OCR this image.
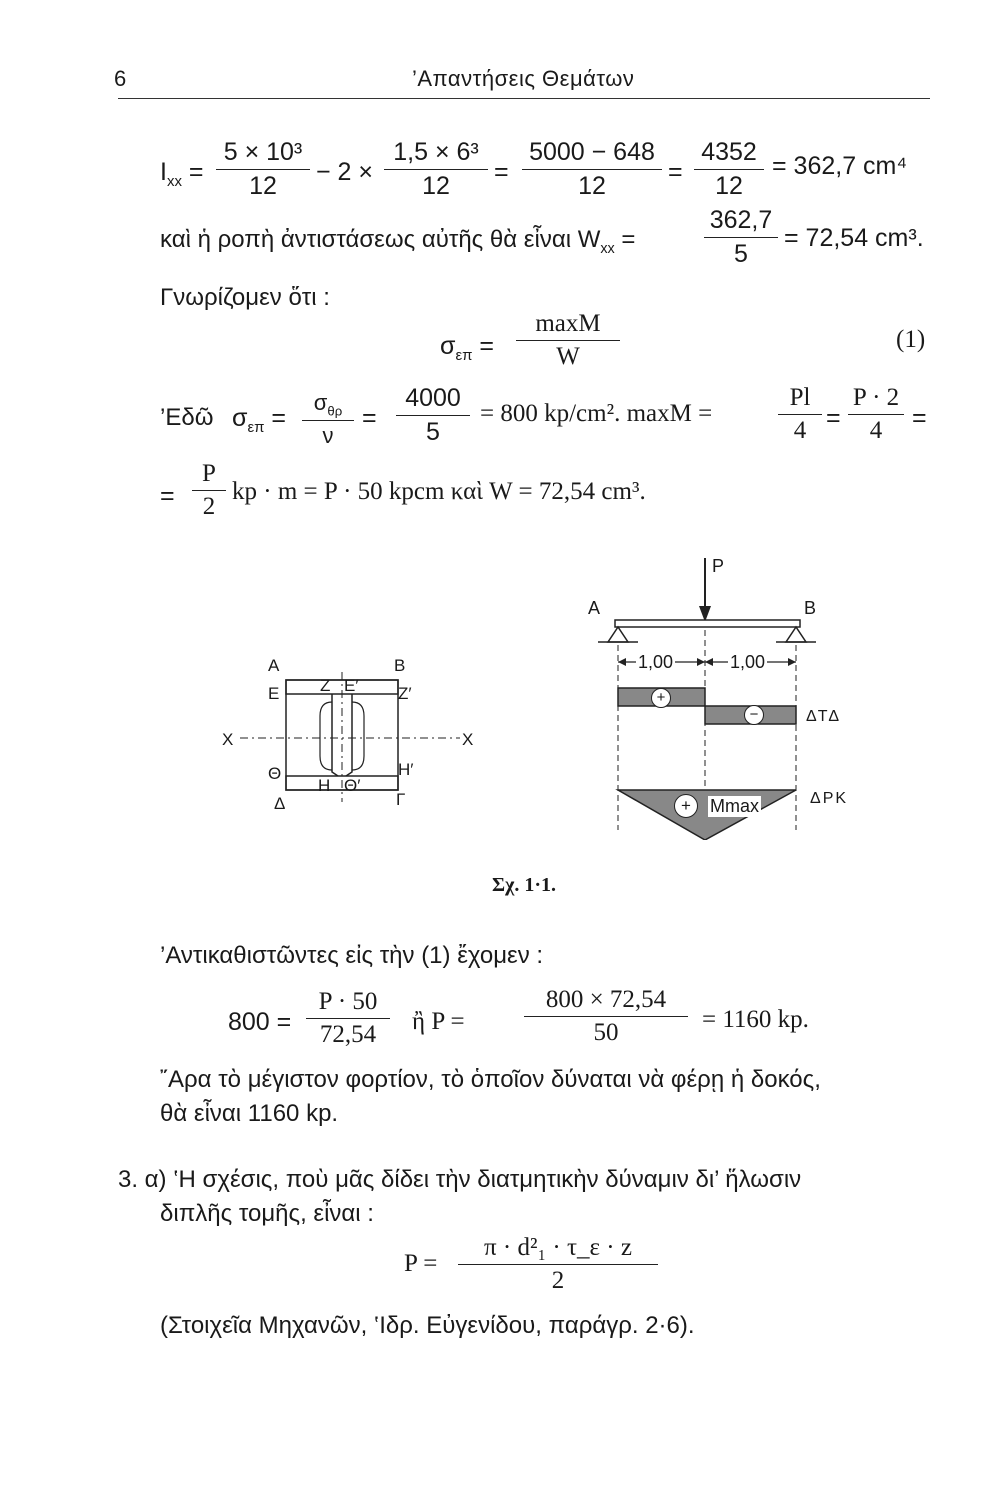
6	’Απαντήσεις Θεμάτων
$I_{xx} = \frac{\text{5 × 10³}}{12} - 2 \times \frac{\text{1,5 × 6³}}{12} = \frac{5000 - 648}{12} = \frac{4352}{12} = 362,7$ cm⁴
καὶ ἡ ροπὴ ἀντιστάσεως αὐτῆς θὰ εἶναι $W_{xx}$ =	$\frac{362,7}{5} = 72,54$ cm³.
Γνωρίζομεν ὅτι :
$\sigma_{\varepsilon\pi}$ =
maxM
W
(1)
’Εδῶ $\sigma_{\varepsilon\pi}$ =
$\sigma_{\theta\rho}$
ν
= $\frac{4000}{5} = 800$ kp/cm². maxM =	$\frac{Pl}{4} = \frac{P \cdot 2}{4}$ =
= $\frac{P}{2}$ kp · m = P · 50 kpcm καὶ W = 72,54 cm³.
P
A	B
1,00	1,00
+
−	ΔΤΔ
+	Mmax	ΔΡΚ
A	B
E Z E′ Z′
X	X
Θ
H Θ′
H′
Δ	Γ
Σχ. 1·1.
’Αντικαθιστῶντες εἰς τὴν (1) ἔχομεν :
$800 = \frac{P \cdot 50}{72,54}$ ἢ $P = \frac{800 \times 72,54}{50} = 1160$ kp.
῎Αρα τὸ μέγιστον φορτίον, τὸ ὁποῖον δύναται νὰ φέρῃ ἡ δοκός,
θὰ εἶναι 1160 kp.
3. α) ‛Η σχέσις, ποὺ μᾶς δίδει τὴν διατμητικὴν δύναμιν δι’ ἥλωσιν
διπλῆς τομῆς, εἶναι :
$P = \frac{\text{π · d²₁ · τ\_ε · z}}{2}$
(Στοιχεῖα Μηχανῶν, ‛Ιδρ. Εὐγενίδου, παράγρ. 2·6).
